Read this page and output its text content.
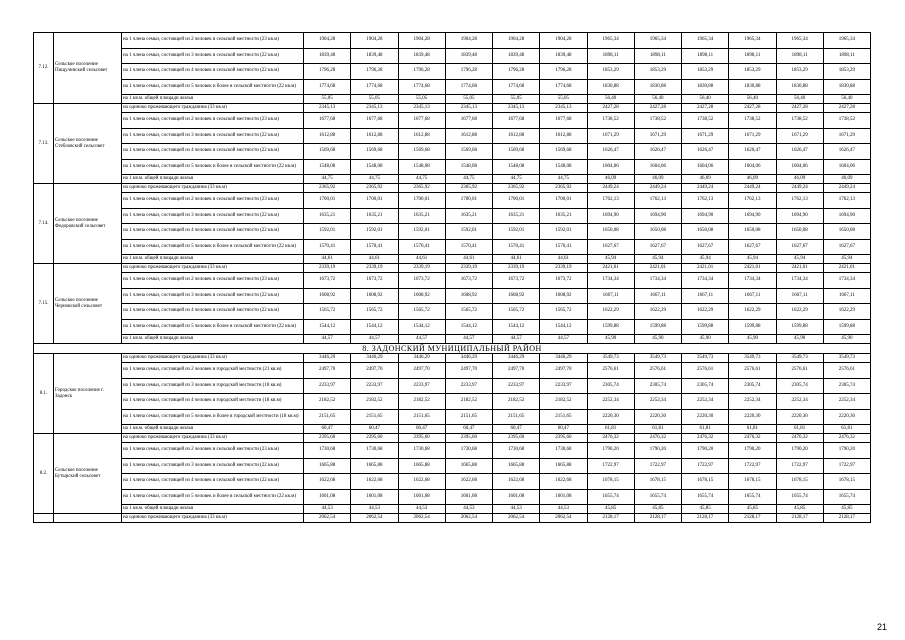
7.12.	Сельское поселение Пищулинский сельсовет	на 1 члена семьи, состоящей из 2 человек в сельской местности (23 кв.м)	1904,28	1904,28	1904,28	1904,28	1904,28	1904,28	1965,34	1965,34	1965,34	1965,34	1965,34	1965,34
		на 1 члена семьи, состоящей из 3 человек в сельской местности (22 кв.м)	1839,48	1839,48	1839,48	1839,48	1839,48	1839,48	1898,11	1898,11	1898,11	1898,11	1898,11	1898,11
		на 1 члена семьи, состоящей из 4 человек в сельской местности (22 кв.м)	1796,28	1796,28	1796,28	1796,28	1796,28	1796,28	1853,29	1853,29	1853,29	1853,29	1853,29	1853,29
		на 1 члена семьи, состоящей из 5 человек и более в сельской местности (22 кв.м)	1774,68	1774,68	1774,68	1774,68	1774,68	1774,68	1830,88	1830,88	1830,88	1830,88	1830,88	1830,88
		на 1 кв.м. общей площади жилья	55,05	55,05	55,05	55,05	55,05	55,05	56,40	56,40	56,40	56,40	56,40	56,40
7.13.	Сельское поселение Стебловский сельсовет	на одиноко проживающего гражданина (33 кв.м)	2345,13	2345,13	2345,13	2345,13	2345,13	2345,13	2427,28	2427,28	2427,28	2427,28	2427,28	2427,28
		на 1 члена семьи, состоящей из 2 человек в сельской местности (23 кв.м)	1677,68	1677,68	1677,68	1677,68	1677,68	1677,68	1738,52	1738,52	1738,52	1738,52	1738,52	1738,52
		на 1 члена семьи, состоящей из 3 человек в сельской местности (22 кв.м)	1612,88	1612,88	1612,88	1612,88	1612,88	1612,88	1671,29	1671,29	1671,29	1671,29	1671,29	1671,29
		на 1 члена семьи, состоящей из 4 человек в сельской местности (22 кв.м)	1569,68	1569,68	1569,68	1569,68	1569,68	1569,68	1626,47	1626,47	1626,47	1626,47	1626,47	1626,47
		на 1 члена семьи, состоящей из 5 человек и более в сельской местности (22 кв.м)	1548,08	1548,08	1548,08	1548,08	1548,08	1548,08	1604,06	1604,06	1604,06	1604,06	1604,06	1604,06
		на 1 кв.м. общей площади жилья	44,75	44,75	44,75	44,75	44,75	44,75	46,09	46,09	46,09	46,09	46,09	46,09
7.14.	Сельское поселение Федоровский сельсовет	на одиноко проживающего гражданина (33 кв.м)	2365,92	2365,92	2365,92	2365,92	2365,92	2365,92	2449,24	2449,24	2449,24	2449,24	2449,24	2449,24
		на 1 члена семьи, состоящей из 2 человек в сельской местности (23 кв.м)	1700,01	1700,01	1700,01	1700,01	1700,01	1700,01	1762,13	1762,13	1762,13	1762,13	1762,13	1762,13
		на 1 члена семьи, состоящей из 3 человек в сельской местности (22 кв.м)	1635,21	1635,21	1635,21	1635,21	1635,21	1635,21	1694,90	1694,90	1694,90	1694,90	1694,90	1694,90
		на 1 члена семьи, состоящей из 4 человек в сельской местности (22 кв.м)	1592,01	1592,01	1592,01	1592,01	1592,01	1592,01	1650,08	1650,08	1650,08	1650,08	1650,08	1650,08
		на 1 члена семьи, состоящей из 5 человек и более в сельской местности (22 кв.м)	1570,41	1570,41	1570,41	1570,41	1570,41	1570,41	1627,67	1627,67	1627,67	1627,67	1627,67	1627,67
		на 1 кв.м. общей площади жилья	44,61	44,61	44,61	44,61	44,61	44,61	45,94	45,94	45,94	45,94	45,94	45,94
7.15.	Сельское поселение Черновской сельсовет	на одиноко проживающего гражданина (33 кв.м)	2339,19	2339,19	2339,19	2339,19	2339,19	2339,19	2421,01	2421,01	2421,01	2421,01	2421,01	2421,01
		на 1 члена семьи, состоящей из 2 человек в сельской местности (23 кв.м)	1673,72	1673,72	1673,72	1673,72	1673,72	1673,72	1734,34	1734,34	1734,34	1734,34	1734,34	1734,34
		на 1 члена семьи, состоящей из 3 человек в сельской местности (22 кв.м)	1608,92	1608,92	1608,92	1608,92	1608,92	1608,92	1667,11	1667,11	1667,11	1667,11	1667,11	1667,11
		на 1 члена семьи, состоящей из 4 человек в сельской местности (22 кв.м)	1565,72	1565,72	1565,72	1565,72	1565,72	1565,72	1622,29	1622,29	1622,29	1622,29	1622,29	1622,29
		на 1 члена семьи, состоящей из 5 человек и более в сельской местности (22 кв.м)	1544,12	1544,12	1544,12	1544,12	1544,12	1544,12	1599,88	1599,88	1599,88	1599,88	1599,88	1599,88
		на 1 кв.м. общей площади жилья	44,57	44,57	44,57	44,57	44,57	44,57	45,90	45,90	45,90	45,90	45,90	45,90
8. ЗАДОНСКИЙ МУНИЦИПАЛЬНЫЙ РАЙОН														
8.1.	Городское поселение г. Задонск	на одиноко проживающего гражданина (33 кв.м)	3446,29	3446,29	3446,29	3446,29	3446,29	3446,29	3549,73	3549,73	3549,73	3549,73	3549,73	3549,73
		на 1 члена семьи, состоящей из 2 человек в городской местности (21 кв.м)	2497,70	2497,70	2497,70	2497,70	2497,70	2497,70	2576,61	2576,61	2576,61	2576,61	2576,61	2576,61
		на 1 члена семьи, состоящей из 3 человек в городской местности (18 кв.м)	2233,97	2233,97	2233,97	2233,97	2233,97	2233,97	2305,74	2305,74	2305,74	2305,74	2305,74	2305,74
		на 1 члена семьи, состоящей из 4 человек в городской местности (18 кв.м)	2182,52	2182,52	2182,52	2182,52	2182,52	2182,52	2252,34	2252,34	2252,34	2252,34	2252,34	2252,34
		на 1 члена семьи, состоящей из 5 человек и более в городской местности (18 кв.м)	2151,65	2151,65	2151,65	2151,65	2151,65	2151,65	2220,30	2220,30	2220,30	2220,30	2220,30	2220,30
		на 1 кв.м. общей площади жилья	60,47	60,47	60,47	60,47	60,47	60,47	61,81	61,81	61,81	61,81	61,81	61,81
8.2.	Сельское поселение Бутырский сельсовет	на одиноко проживающего гражданина (33 кв.м)	2395,60	2395,60	2395,60	2395,60	2395,60	2395,60	2476,32	2476,32	2476,32	2476,32	2476,32	2476,32
		на 1 члена семьи, состоящей из 2 человек в сельской местности (23 кв.м)	1730,68	1730,68	1730,68	1730,68	1730,68	1730,68	1790,20	1790,20	1790,20	1790,20	1790,20	1790,20
		на 1 члена семьи, состоящей из 3 человек в сельской местности (22 кв.м)	1665,88	1665,88	1665,88	1665,88	1665,88	1665,88	1722,97	1722,97	1722,97	1722,97	1722,97	1722,97
		на 1 члена семьи, состоящей из 4 человек в сельской местности (22 кв.м)	1622,68	1622,68	1622,68	1622,68	1622,68	1622,68	1678,15	1678,15	1678,15	1678,15	1678,15	1678,15
		на 1 члена семьи, состоящей из 5 человек и более в сельской местности (22 кв.м)	1601,08	1601,08	1601,08	1601,08	1601,08	1601,08	1655,74	1655,74	1655,74	1655,74	1655,74	1655,74
		на 1 кв.м. общей площади жилья	44,53	44,53	44,53	44,53	44,53	44,53	45,85	45,85	45,85	45,85	45,85	45,85
		на одиноко проживающего гражданина (33 кв.м)	2062,54	2062,54	2062,54	2062,54	2062,54	2062,54	2128,17	2128,17	2128,17	2128,17	2128,17	2128,17
21
